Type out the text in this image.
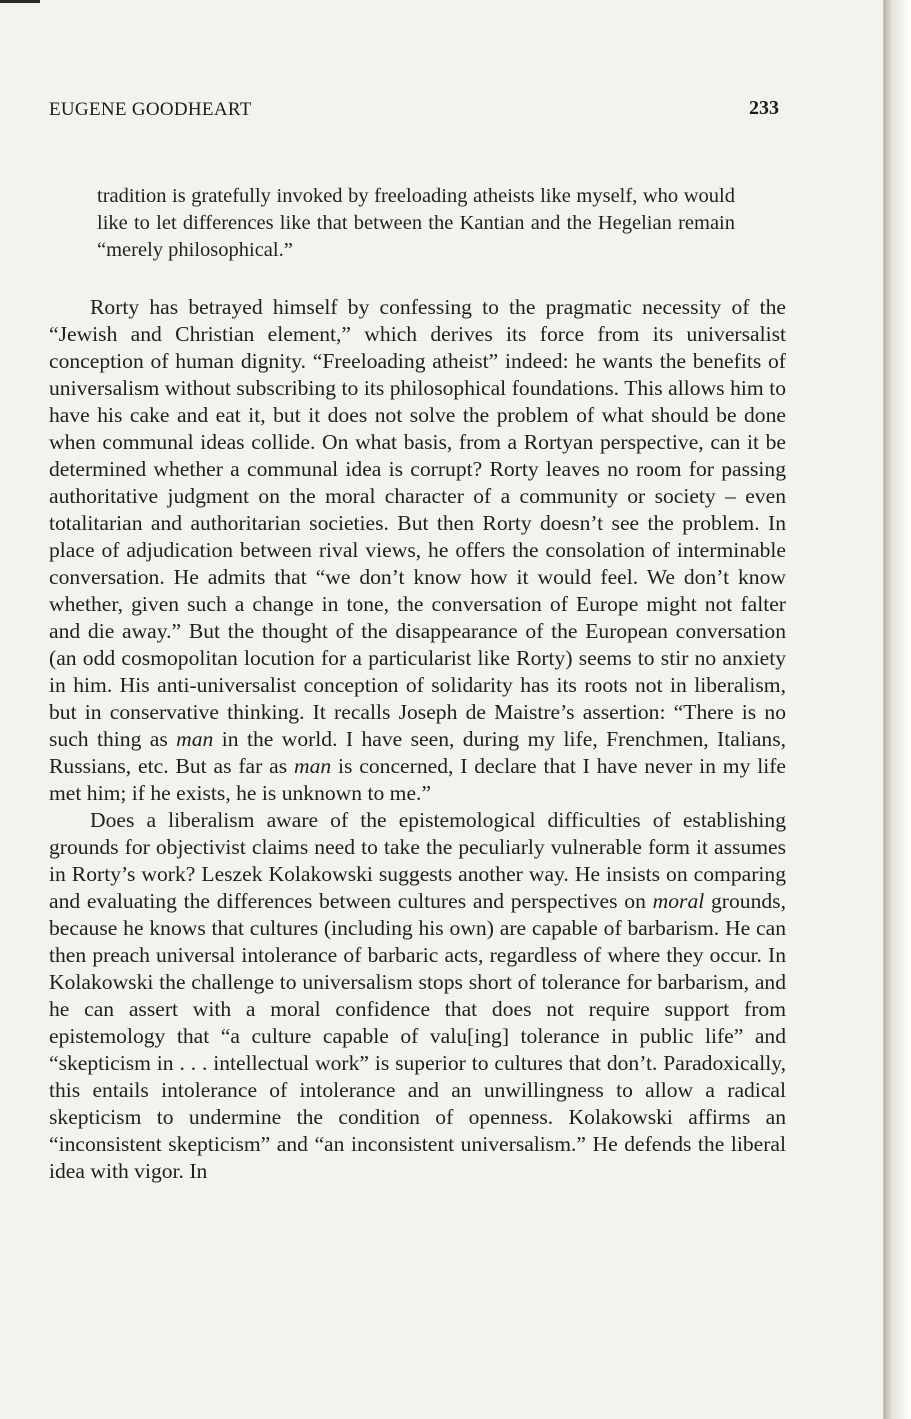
EUGENE GOODHEART	233

tradition is gratefully invoked by freeloading atheists like myself, who would like to let differences like that between the Kantian and the Hegelian remain “merely philosophical.”

Rorty has betrayed himself by confessing to the pragmatic necessity of the “Jewish and Christian element,” which derives its force from its universalist conception of human dignity. “Freeloading atheist” indeed: he wants the benefits of universalism without subscribing to its philosophical foundations. This allows him to have his cake and eat it, but it does not solve the problem of what should be done when communal ideas collide. On what basis, from a Rortyan perspective, can it be determined whether a communal idea is corrupt? Rorty leaves no room for passing authoritative judgment on the moral character of a community or society – even totalitarian and authoritarian societies. But then Rorty doesn’t see the problem. In place of adjudication between rival views, he offers the consolation of interminable conversation. He admits that “we don’t know how it would feel. We don’t know whether, given such a change in tone, the conversation of Europe might not falter and die away.” But the thought of the disappearance of the European conversation (an odd cosmopolitan locution for a particularist like Rorty) seems to stir no anxiety in him. His anti-universalist conception of solidarity has its roots not in liberalism, but in conservative thinking. It recalls Joseph de Maistre’s assertion: “There is no such thing as man in the world. I have seen, during my life, Frenchmen, Italians, Russians, etc. But as far as man is concerned, I declare that I have never in my life met him; if he exists, he is unknown to me.”

Does a liberalism aware of the epistemological difficulties of establishing grounds for objectivist claims need to take the peculiarly vulnerable form it assumes in Rorty’s work? Leszek Kolakowski suggests another way. He insists on comparing and evaluating the differences between cultures and perspectives on moral grounds, because he knows that cultures (including his own) are capable of barbarism. He can then preach universal intolerance of barbaric acts, regardless of where they occur. In Kolakowski the challenge to universalism stops short of tolerance for barbarism, and he can assert with a moral confidence that does not require support from epistemology that “a culture capable of valu[ing] tolerance in public life” and “skepticism in . . . intellectual work” is superior to cultures that don’t. Paradoxically, this entails intolerance of intolerance and an unwillingness to allow a radical skepticism to undermine the condition of openness. Kolakowski affirms an “inconsistent skepticism” and “an inconsistent universalism.” He defends the liberal idea with vigor. In
